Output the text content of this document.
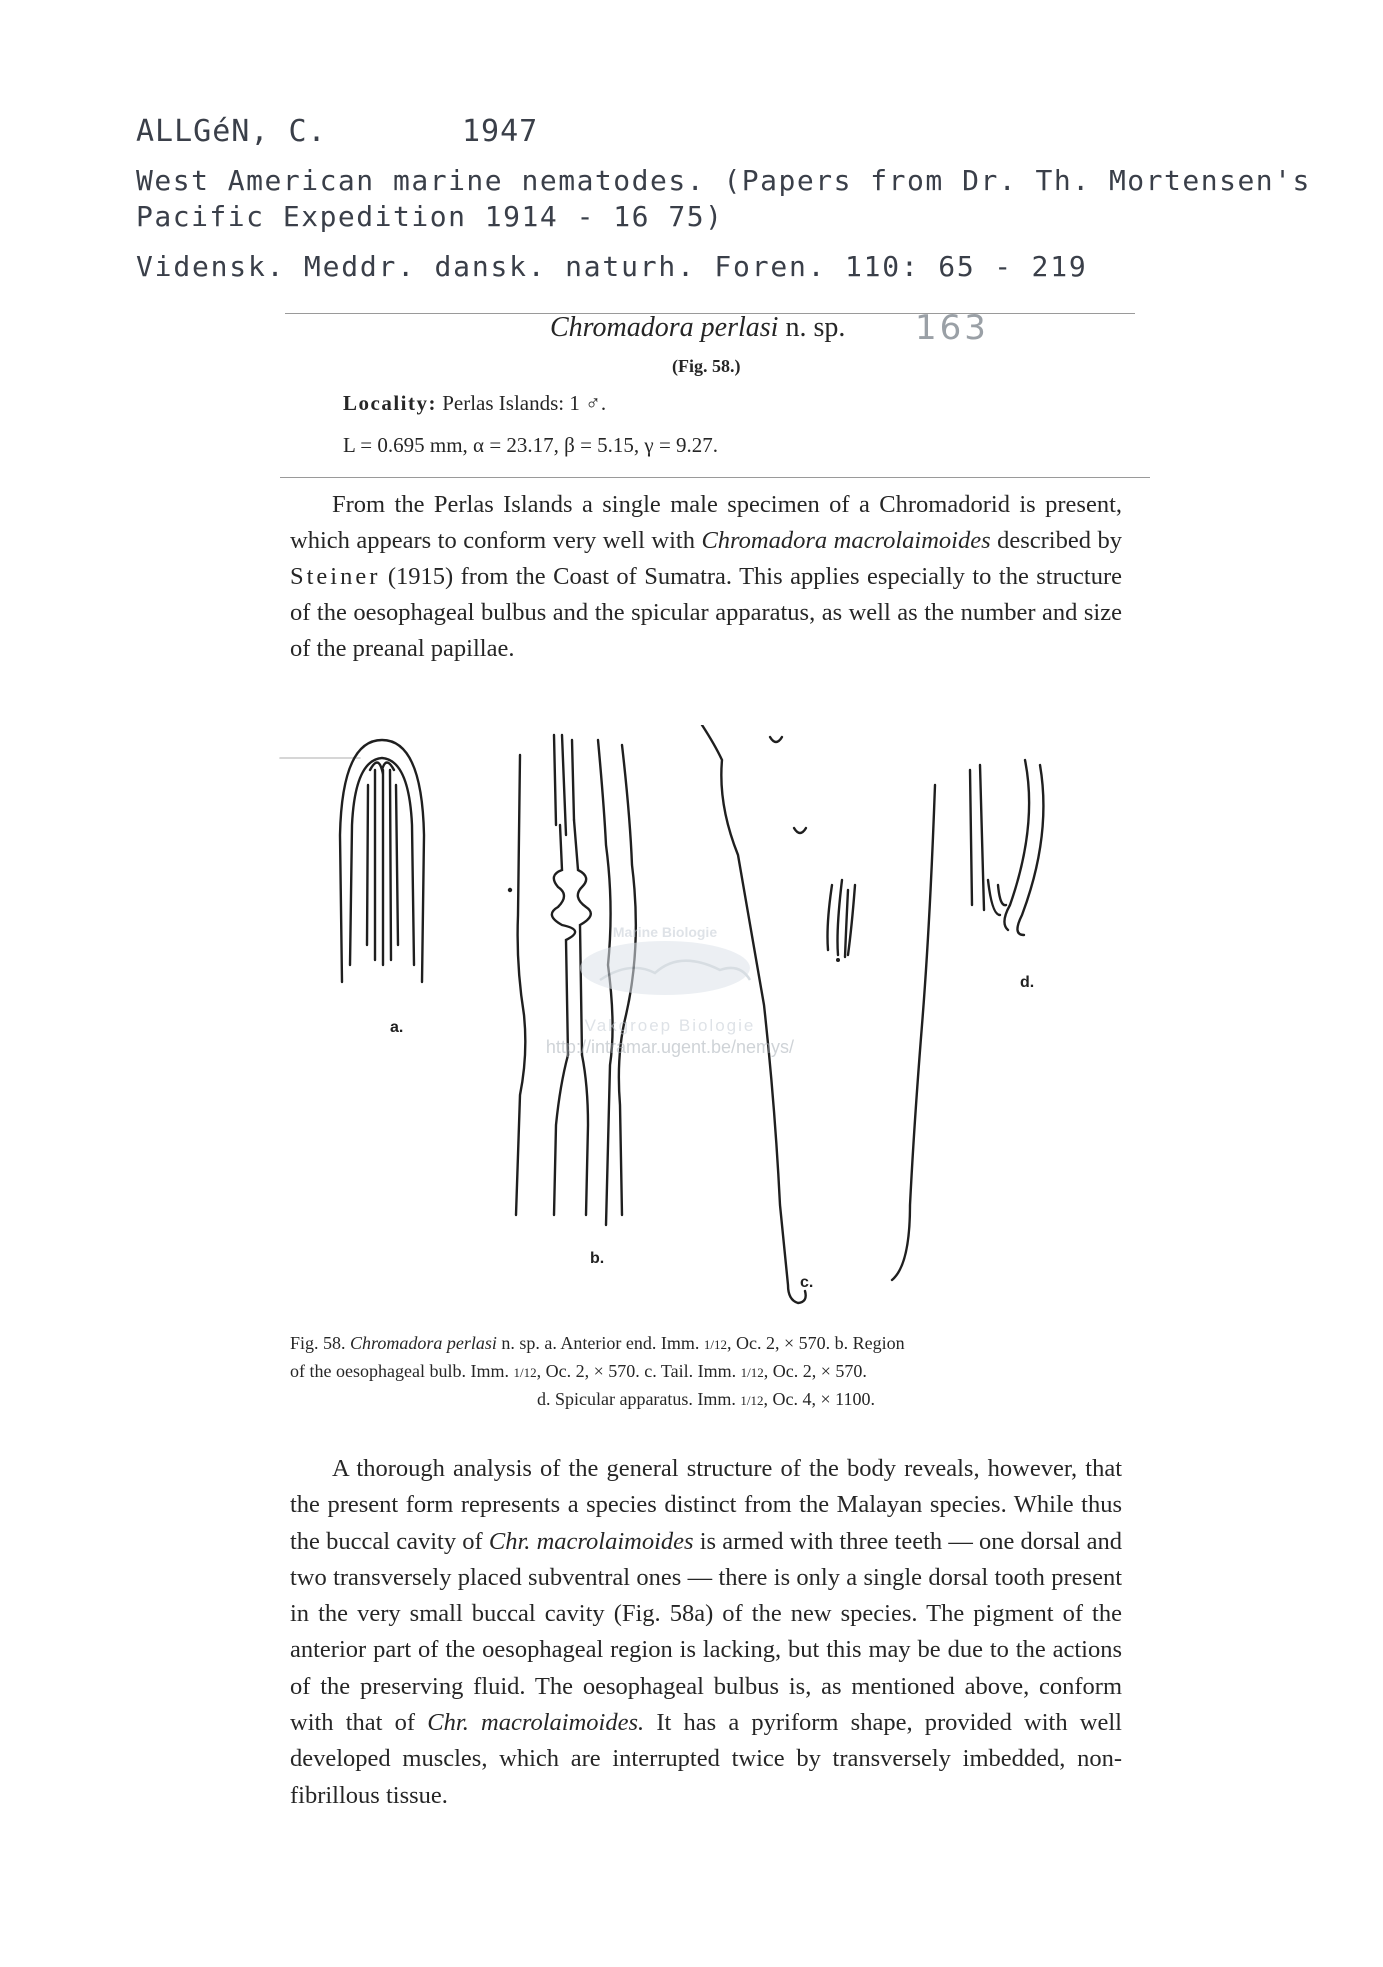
ALLGéN, C.	1947
West American marine nematodes. (Papers from Dr. Th. Mortensen's
Pacific Expedition 1914 - 16 75)
Vidensk. Meddr. dansk. naturh. Foren. 110: 65 - 219
Chromadora perlasi n. sp. 163
(Fig. 58.)
Locality: Perlas Islands: 1 ♂.
L = 0.695 mm, α = 23.17, β = 5.15, γ = 9.27.
From the Perlas Islands a single male specimen of a Chromadorid is present, which appears to conform very well with Chromadora macrolaimoides described by Steiner (1915) from the Coast of Sumatra. This applies especially to the structure of the oesophageal bulbus and the spicular apparatus, as well as the number and size of the preanal papillae.
Marine Biologie
Vakgroep Biologie
http://intramar.ugent.be/nemys/
a.
b.
c.
d.
Fig. 58. Chromadora perlasi n. sp. a. Anterior end. Imm. 1/12, Oc. 2, × 570. b. Region
of the oesophageal bulb. Imm. 1/12, Oc. 2, × 570. c. Tail. Imm. 1/12, Oc. 2, × 570.
d. Spicular apparatus. Imm. 1/12, Oc. 4, × 1100.
A thorough analysis of the general structure of the body reveals, however, that the present form represents a species distinct from the Malayan species. While thus the buccal cavity of Chr. macrolaimoides is armed with three teeth — one dorsal and two transversely placed subventral ones — there is only a single dorsal tooth present in the very small buccal cavity (Fig. 58a) of the new species. The pigment of the anterior part of the oesophageal region is lacking, but this may be due to the actions of the preserving fluid. The oesophageal bulbus is, as mentioned above, conform with that of Chr. macrolaimoides. It has a pyriform shape, provided with well developed muscles, which are interrupted twice by transversely imbedded, non-fibrillous tissue.
